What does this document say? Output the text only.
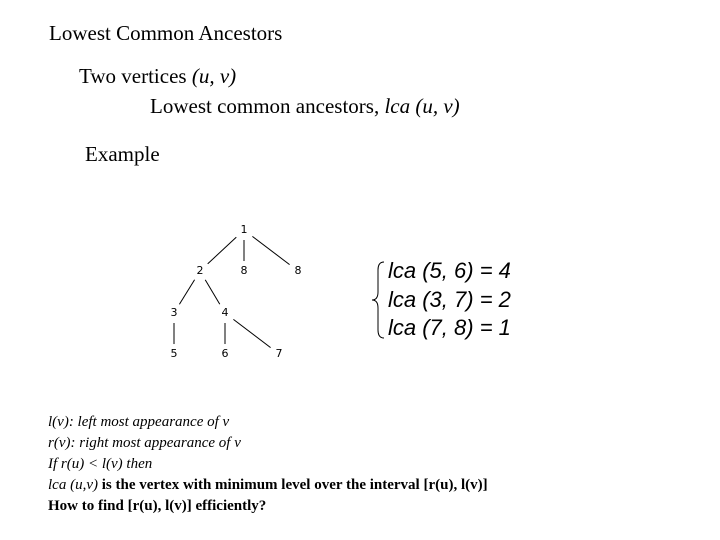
Lowest Common Ancestors
Two vertices (u, v)
Lowest common ancestors, lca (u, v)
Example
1
2	8	8
3	4
5	6	7
lca (5, 6) = 4
lca (3, 7) = 2
lca (7, 8) = 1
l(v): left most appearance of v
r(v): right most appearance of v
If r(u) < l(v) then
lca (u,v) is the vertex with minimum level over the interval [r(u), l(v)]
How to find [r(u), l(v)] efficiently?
